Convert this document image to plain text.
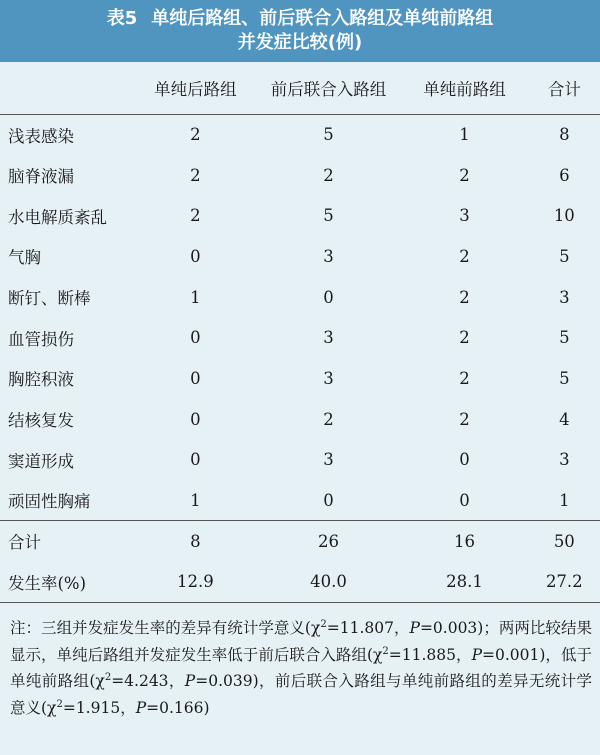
表5 单纯后路组、前后联合入路组及单纯前路组
并发症比较(例)
	单纯后路组	前后联合入路组	单纯前路组	合计
浅表感染	2	5	1	8
脑脊液漏	2	2	2	6
水电解质紊乱	2	5	3	10
气胸	0	3	2	5
断钉、断棒	1	0	2	3
血管损伤	0	3	2	5
胸腔积液	0	3	2	5
结核复发	0	2	2	4
窦道形成	0	3	0	3
顽固性胸痛	1	0	0	1
合计	8	26	16	50
发生率(%)	12.9	40.0	28.1	27.2
注：三组并发症发生率的差异有统计学意义($\chi^2=11.807$，P=0.003)；两两比较结果显示，单纯后路组并发症发生率低于前后联合入路组($\chi^2=11.885$，P=0.001)，低于单纯前路组($\chi^2=4.243$，P=0.039)，前后联合入路组与单纯前路组的差异无统计学意义($\chi^2=1.915$，P=0.166)
